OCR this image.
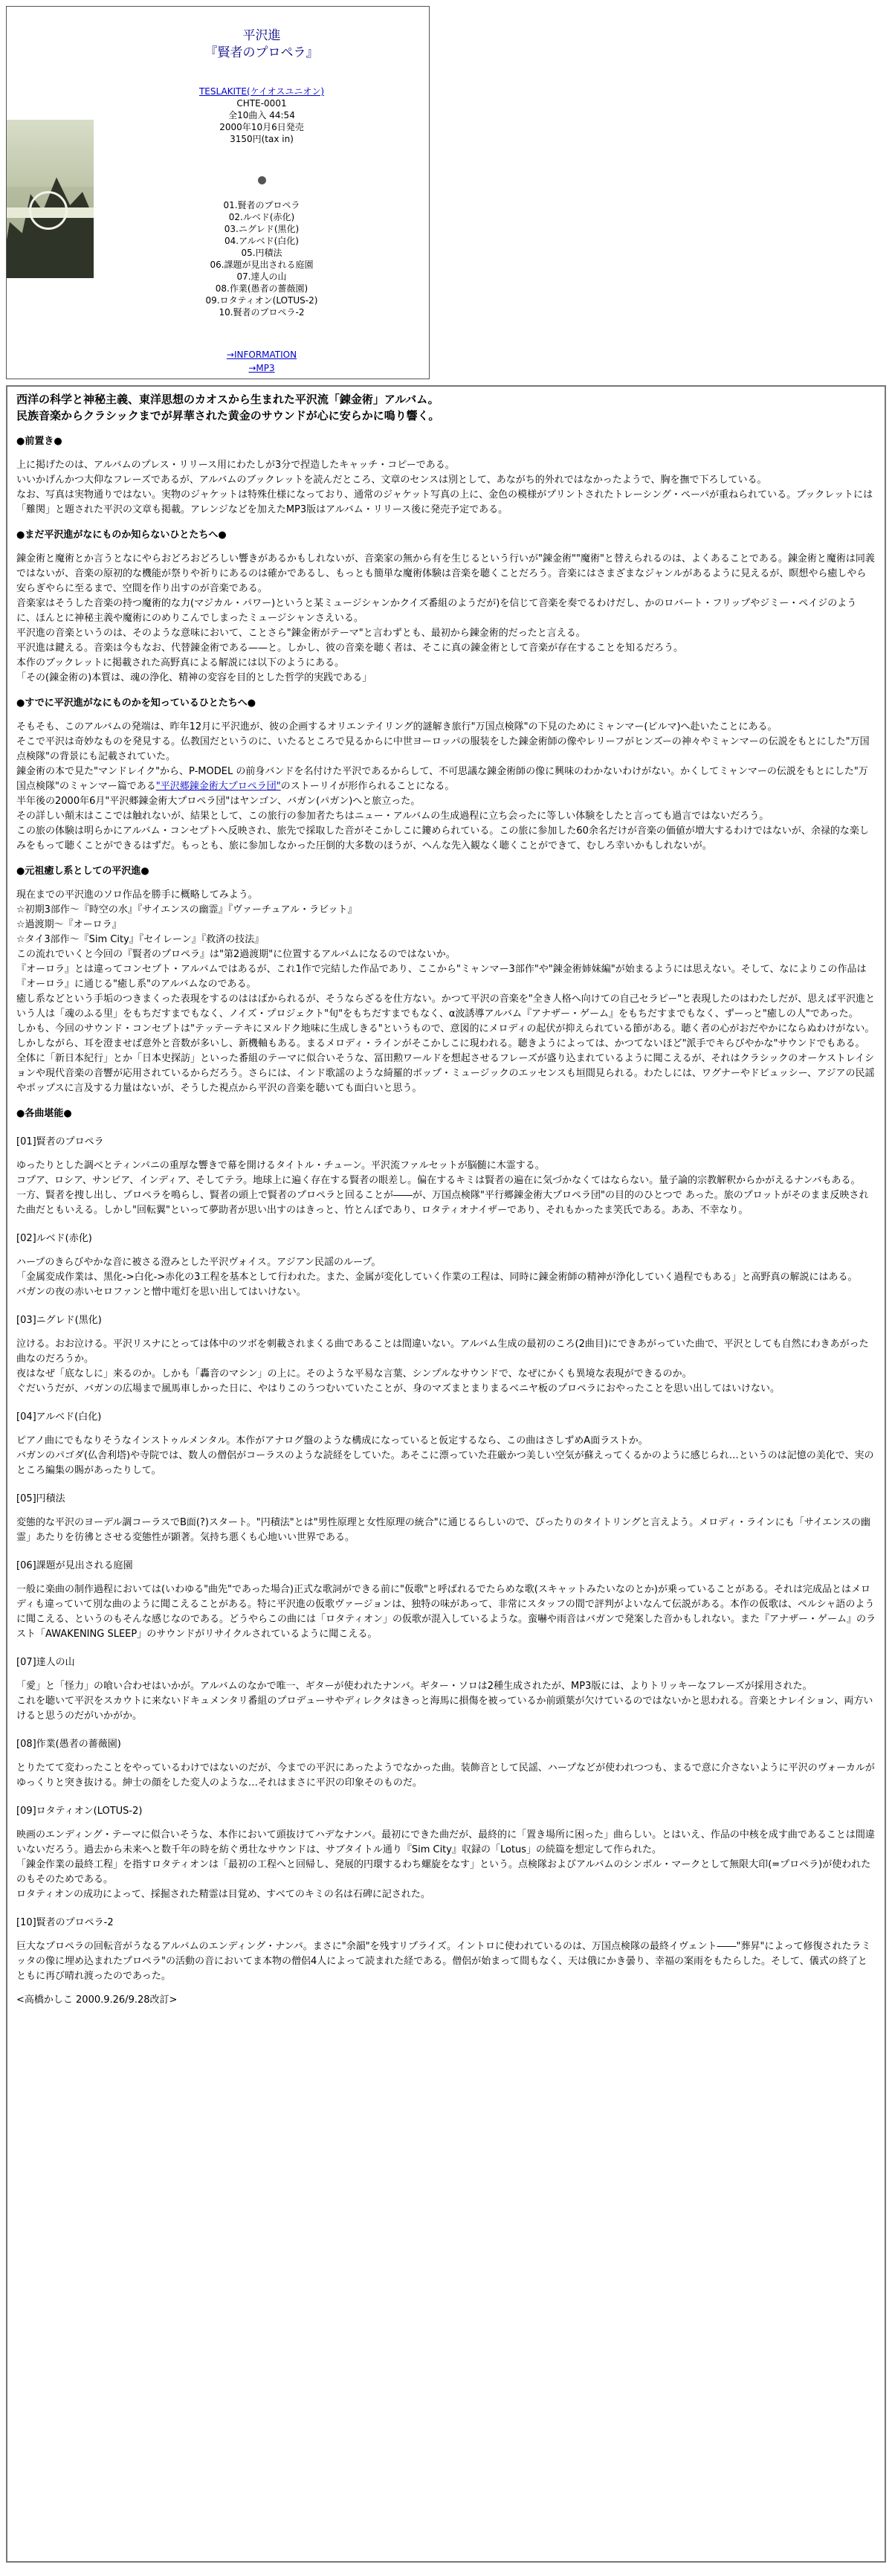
平沢進
『賢者のプロペラ』
TESLAKITE(ケイオスユニオン)
CHTE-0001
全10曲入 44:54
2000年10月6日発売
3150円(tax in)
01.賢者のプロペラ
02.ルベド(赤化)
03.ニグレド(黒化)
04.アルベド(白化)
05.円積法
06.課題が見出される庭園
07.達人の山
08.作業(愚者の薔薇園)
09.ロタティオン(LOTUS-2)
10.賢者のプロペラ-2
→INFORMATION
→MP3
西洋の科学と神秘主義、東洋思想のカオスから生まれた平沢流「錬金術」アルバム。
民族音楽からクラシックまでが昇華された黄金のサウンドが心に安らかに鳴り響く。
●前置き●

上に掲げたのは、アルバムのプレス・リリース用にわたしが3分で捏造したキャッチ・コピーである。

いいかげんかつ大仰なフレーズであるが、アルバムのブックレットを読んだところ、文章のセンスは別として、あながち的外れではなかったようで、胸を撫で下ろしている。

なお、写真は実物通りではない。実物のジャケットは特殊仕様になっており、通常のジャケット写真の上に、金色の模様がプリントされたトレーシング・ペーパが重ねられている。ブックレットには「難関」と題された平沢の文章も掲載。アレンジなどを加えたMP3版はアルバム・リリース後に発売予定である。

●まだ平沢進がなにものか知らないひとたちへ●

錬金術と魔術とか言うとなにやらおどろおどろしい響きがあるかもしれないが、音楽家の無から有を生じるという行いが"錬金術""魔術"と替えられるのは、よくあることである。錬金術と魔術は同義ではないが、音楽の原初的な機能が祭りや祈りにあるのは確かであるし、もっとも簡単な魔術体験は音楽を聴くことだろう。音楽にはさまざまなジャンルがあるように見えるが、瞑想やら癒しやら安らぎやらに至るまで、空間を作り出すのが音楽である。

音楽家はそうした音楽の持つ魔術的な力(マジカル・パワー)というと某ミュージシャンかクイズ番組のようだが)を信じて音楽を奏でるわけだし、かのロバート・フリップやジミー・ペイジのように、ほんとに神秘主義や魔術にのめりこんでしまったミュージシャンさえいる。

平沢進の音楽というのは、そのような意味において、ことさら"錬金術がテーマ"と言わずとも、最初から錬金術的だったと言える。

平沢進は鍵える。音楽は今もなお、代替錬金術である——と。しかし、彼の音楽を聴く者は、そこに真の錬金術として音楽が存在することを知るだろう。

本作のブックレットに掲載された高野真による解説には以下のようにある。

「その(錬金術の)本質は、魂の浄化、精神の変容を目的とした哲学的実践である」

●すでに平沢進がなにものかを知っているひとたちへ●

そもそも、このアルバムの発端は、昨年12月に平沢進が、彼の企画するオリエンテイリング的謎解き旅行"万国点検隊"の下見のためにミャンマー(ビルマ)へ赴いたことにある。

そこで平沢は奇妙なものを発見する。仏教国だというのに、いたるところで見るからに中世ヨーロッパの服装をした錬金術師の像やレリーフがヒンズーの神々やミャンマーの伝説をもとにした"万国点検隊"の背景にも記載されていた。

錬金術の本で見た"マンドレイク"から、P-MODEL の前身バンドを名付けた平沢であるからして、不可思議な錬金術師の像に興味のわかないわけがない。かくしてミャンマーの伝説をもとにした"万国点検隊"のミャンマー篇である"平沢郷錬金術大プロペラ団"のストーリイが形作られることになる。

半年後の2000年6月"平沢郷錬金術大プロペラ団"はヤンゴン、バガン(パガン)へと旅立った。

その詳しい顛末はここでは触れないが、結果として、この旅行の参加者たちはニュー・アルバムの生成過程に立ち会ったに等しい体験をしたと言っても過言ではないだろう。

この旅の体験は明らかにアルバム・コンセプトへ反映され、旅先で採取した音がそこかしこに鏤められている。この旅に参加した60余名だけが音楽の価値が増大するわけではないが、余禄的な楽しみをもって聴くことができるはずだ。もっとも、旅に参加しなかった圧倒的大多数のほうが、へんな先入観なく聴くことができて、むしろ幸いかもしれないが。

●元祖癒し系としての平沢進●

現在までの平沢進のソロ作品を勝手に概略してみよう。

☆初期3部作〜『時空の水』『サイエンスの幽霊』『ヴァーチュアル・ラビット』

☆過渡期〜『オーロラ』

☆タイ3部作〜『Sim City』『セイレーン』『救済の技法』

この流れでいくと今回の『賢者のプロペラ』は"第2過渡期"に位置するアルバムになるのではないか。

『オーロラ』とは違ってコンセプト・アルバムではあるが、これ1作で完結した作品であり、ここから"ミャンマー3部作"や"錬金術姉妹編"が始まるようには思えない。そして、なによりこの作品は『オーロラ』に通じる"癒し系"のアルバムなのである。

癒し系などという手垢のつきまくった表現をするのははばかられるが、そうならざるを仕方ない。かつて平沢の音楽を"全き人格へ向けての自己セラピー"と表現したのはわたしだが、思えば平沢進という人は「魂のふる里」をもちだすまでもなく、ノイズ・プロジェクト"旬"をもちだすまでもなく、α波誘導アルバム『アナザー・ゲーム』をもちだすまでもなく、ずーっと"癒しの人"であった。

しかも、今回のサウンド・コンセプトは"テッテーテキにヌルドク地味に生成しきる"というもので、意図的にメロディの起伏が抑えられている節がある。聴く者の心がおだやかにならぬわけがない。

しかしながら、耳を澄ませば意外と音数が多いし、新機軸もある。まるメロディ・ラインがそこかしこに現われる。聴きようによっては、かつてないほど"派手でキらびやかな"サウンドでもある。

全体に「新日本紀行」とか「日本史探訪」といった番組のテーマに似合いそうな、冨田勲ワールドを想起させるフレーズが盛り込まれているように聞こえるが、それはクラシックのオーケストレイションや現代音楽の音響が応用されているからだろう。さらには、インド歌謡のような綺羅的ポップ・ミュージックのエッセンスも垣間見られる。わたしには、ワグナーやドビュッシー、アジアの民謡やポップスに言及する力量はないが、そうした視点から平沢の音楽を聴いても面白いと思う。

●各曲堪能●
[01]賢者のプロペラ

ゆったりとした調べとティンパニの重厚な響きで幕を開けるタイトル・チューン。平沢流ファルセットが脳髄に木霊する。

コプア、ロシア、サンビア、インディア、そしてテラ。地球上に遍く存在する賢者の眼差し。偏在するキミは賢者の遍在に気づかなくてはならない。量子論的宗教解釈からかがえるナンバもある。

一方、賢者を捜し出し、プロペラを鳴らし、賢者の頭上で賢者のプロペラと回ることが――が、万国点検隊"平行郷錬金術大プロペラ団"の目的のひとつで あった。旅のプロットがそのまま反映された曲だともいえる。しかし"回転翼"といって夢助者が思い出すのはきっと、竹とんぼであり、ロタティオナイザーであり、それもかったま笑氏である。ああ、不幸なり。

[02]ルベド(赤化)

ハープのきらびやかな音に被さる澄みとした平沢ヴォイス。アジアン民謡のループ。

「金属変成作業は、黒化->白化->赤化の3工程を基本として行われた。また、金属が変化していく作業の工程は、同時に錬金術師の精神が浄化していく過程でもある」と高野真の解説にはある。

バガンの夜の赤いセロファンと憎中電灯を思い出してはいけない。

[03]ニグレド(黒化)

泣ける。おお泣ける。平沢リスナにとっては体中のツボを刺載されまくる曲であることは間違いない。アルバム生成の最初のころ(2曲目)にできあがっていた曲で、平沢としても自然にわきあがった曲なのだろうか。

夜はなぜ「底なしに」来るのか。しかも「轟音のマシン」の上に。そのような平易な言葉、シンプルなサウンドで、なぜにかくも異境な表現ができるのか。

ぐだいうだが、バガンの広場まで風馬車しかった日に、やはりこのうつむいていたことが、身のマズまとまりまるベニヤ板のプロペラにおやったことを思い出してはいけない。

[04]アルベド(白化)

ピアノ曲にでもなりそうなインストゥルメンタル。本作がアナログ盤のような構成になっていると仮定するなら、この曲はさしずめA面ラストか。

バガンのパゴダ(仏舎利塔)や寺院では、数人の僧侶がコーラスのような読経をしていた。あそこに漂っていた荘厳かつ美しい空気が蘇えってくるかのように感じられ…というのは記憶の美化で、実のところ編集の賜があったりして。

[05]円積法

変態的な平沢のヨーデル調コーラスでB面(?)スタート。"円積法"とは"男性原理と女性原理の統合"に通じるらしいので、ぴったりのタイトリングと言えよう。メロディ・ラインにも「サイエンスの幽霊」あたりを彷彿とさせる変態性が顕著。気持ち悪くも心地いい世界である。

[06]課題が見出される庭園

一般に楽曲の制作過程においては(いわゆる"曲先"であった場合)正式な歌詞ができる前に"仮歌"と呼ばれるでたらめな歌(スキャットみたいなのとか)が乗っていることがある。それは完成品とはメロディも違っていて別な曲のように聞こえることがある。特に平沢進の仮歌ヴァージョンは、独特の味があって、非常にスタッフの間で評判がよいなんて伝説がある。本作の仮歌は、ペルシャ語のように聞こえる、というのもそんな感じなのである。どうやらこの曲には「ロタティオン」の仮歌が混入しているような。蛮嚇や雨音はバガンで発案した音かもしれない。また『アナザー・ゲーム』のラスト「AWAKENING SLEEP」のサウンドがリサイクルされているように聞こえる。

[07]達人の山

「愛」と「怪力」の喰い合わせはいかが。アルバムのなかで唯一、ギターが使われたナンバ。ギター・ソロは2種生成されたが、MP3版には、よりトリッキーなフレーズが採用された。

これを聴いて平沢をスカウトに来ないドキュメンタリ番組のプロデューサやディレクタはきっと海馬に損傷を被っているか前頭葉が欠けているのではないかと思われる。音楽とナレイション、両方いけると思うのだがいかがか。

[08]作業(愚者の薔薇園)

とりたてて変わったことをやっているわけではないのだが、今までの平沢にあったようでなかった曲。装飾音として民謡、ハープなどが使われつつも、まるで意に介さないように平沢のヴォーカルがゆっくりと突き抜ける。紳士の顔をした変人のような…それはまさに平沢の印象そのものだ。

[09]ロタティオン(LOTUS-2)

映画のエンディング・テーマに似合いそうな、本作において頭抜けてハデなナンバ。最初にできた曲だが、最終的に「置き場所に困った」曲らしい。とはいえ、作品の中核を成す曲であることは間違いないだろう。過去から未来へと数千年の時を紡ぐ勇壮なサウンドは、サブタイトル通り『Sim City』収録の「Lotus」の続篇を想定して作られた。

「錬金作業の最終工程」を指すロタティオンは「最初の工程へと回帰し、発展的円環するわち螺旋をなす」という。点検隊およびアルバムのシンボル・マークとして無限大印(=プロペラ)が使われたのもそのためである。

ロタティオンの成功によって、採掘された精霊は目覚め、すべてのキミの名は石碑に記された。

[10]賢者のプロペラ-2

巨大なプロペラの回転音がうなるアルバムのエンディング・ナンバ。まさに"余韻"を残すリプライズ。イントロに使われているのは、万国点検隊の最終イヴェント――"葬昇"によって修復されたラミッタの像に埋め込まれたプロペラ"の活動の音においてま本物の僧侶4人によって読まれた経である。僧侶が始まって間もなく、天は俄にかき曇り、幸福の案雨をもたらした。そして、儀式の終了とともに再び晴れ渡ったのであった。

<高橋かしこ 2000.9.26/9.28改訂>
